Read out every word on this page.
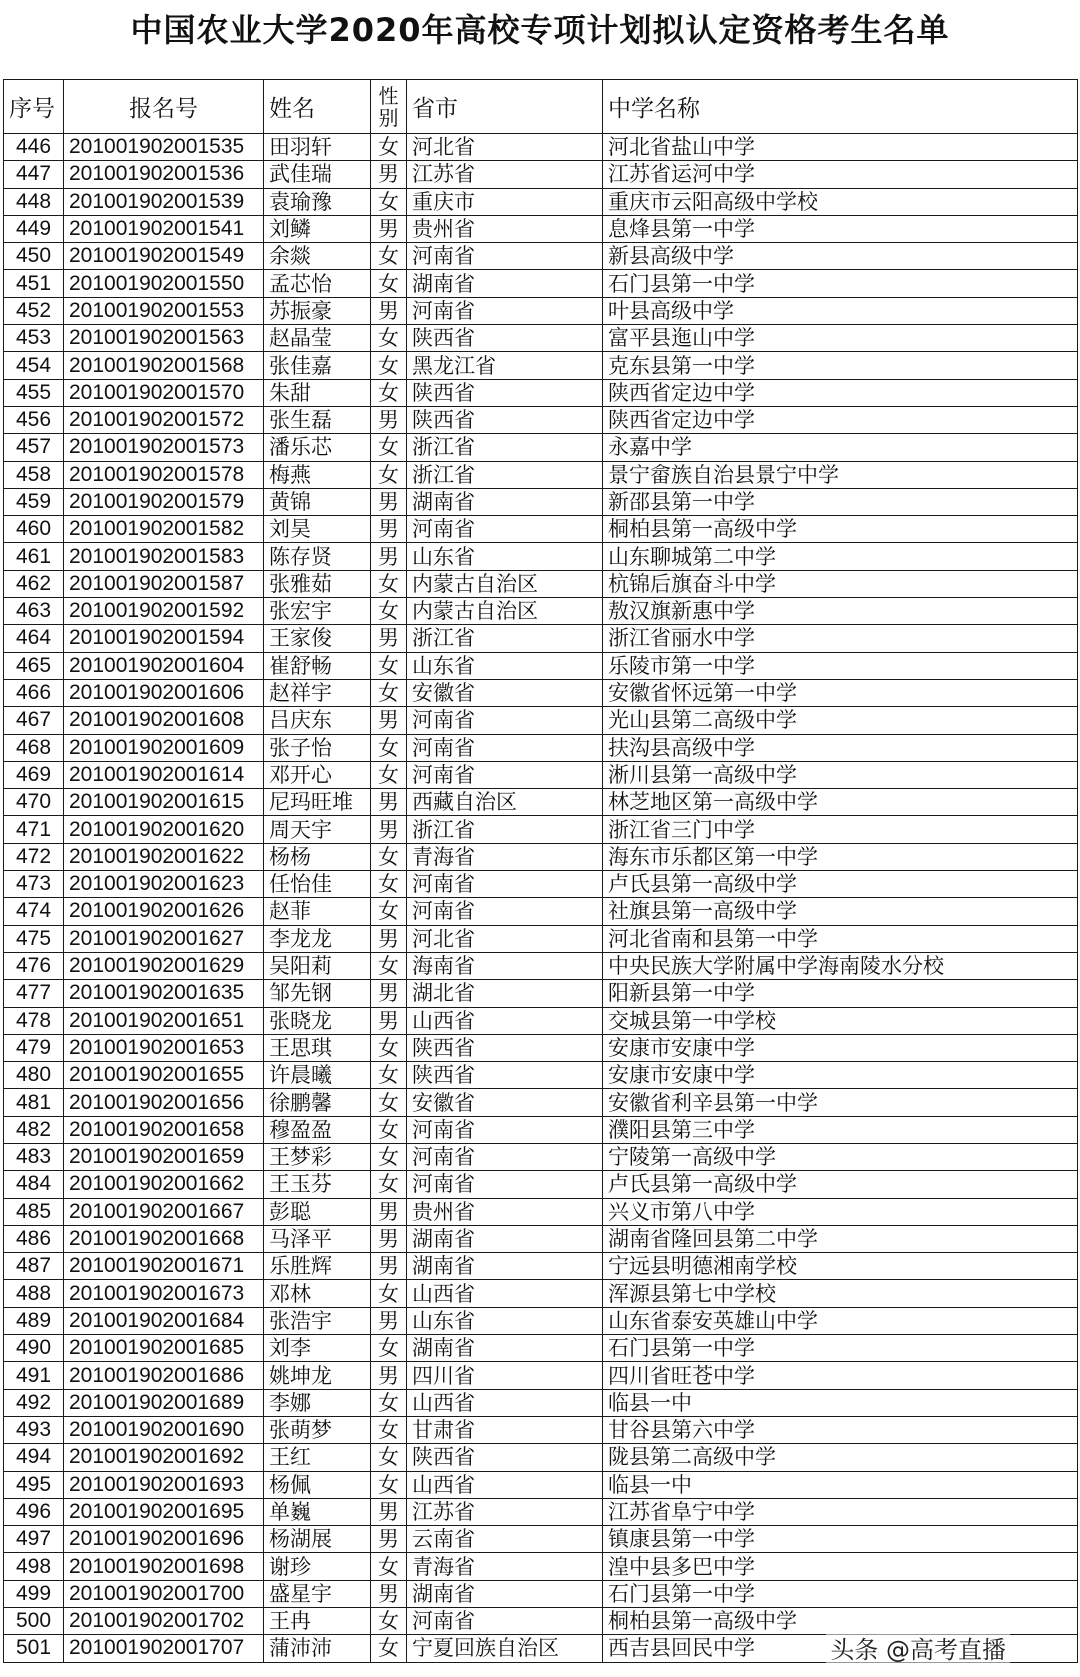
中国农业大学2020年高校专项计划拟认定资格考生名单
序号	报名号	姓名	性别	省市	中学名称
446	201001902001535	田羽轩	女	河北省	河北省盐山中学
447	201001902001536	武佳瑞	男	江苏省	江苏省运河中学
448	201001902001539	袁瑜豫	女	重庆市	重庆市云阳高级中学校
449	201001902001541	刘鳞	男	贵州省	息烽县第一中学
450	201001902001549	余燚	女	河南省	新县高级中学
451	201001902001550	孟芯怡	女	湖南省	石门县第一中学
452	201001902001553	苏振豪	男	河南省	叶县高级中学
453	201001902001563	赵晶莹	女	陕西省	富平县迤山中学
454	201001902001568	张佳嘉	女	黑龙江省	克东县第一中学
455	201001902001570	朱甜	女	陕西省	陕西省定边中学
456	201001902001572	张生磊	男	陕西省	陕西省定边中学
457	201001902001573	潘乐芯	女	浙江省	永嘉中学
458	201001902001578	梅燕	女	浙江省	景宁畲族自治县景宁中学
459	201001902001579	黄锦	男	湖南省	新邵县第一中学
460	201001902001582	刘昊	男	河南省	桐柏县第一高级中学
461	201001902001583	陈存贤	男	山东省	山东聊城第二中学
462	201001902001587	张雅茹	女	内蒙古自治区	杭锦后旗奋斗中学
463	201001902001592	张宏宇	女	内蒙古自治区	敖汉旗新惠中学
464	201001902001594	王家俊	男	浙江省	浙江省丽水中学
465	201001902001604	崔舒畅	女	山东省	乐陵市第一中学
466	201001902001606	赵祥宇	女	安徽省	安徽省怀远第一中学
467	201001902001608	吕庆东	男	河南省	光山县第二高级中学
468	201001902001609	张子怡	女	河南省	扶沟县高级中学
469	201001902001614	邓开心	女	河南省	淅川县第一高级中学
470	201001902001615	尼玛旺堆	男	西藏自治区	林芝地区第一高级中学
471	201001902001620	周天宇	男	浙江省	浙江省三门中学
472	201001902001622	杨杨	女	青海省	海东市乐都区第一中学
473	201001902001623	任怡佳	女	河南省	卢氏县第一高级中学
474	201001902001626	赵菲	女	河南省	社旗县第一高级中学
475	201001902001627	李龙龙	男	河北省	河北省南和县第一中学
476	201001902001629	吴阳莉	女	海南省	中央民族大学附属中学海南陵水分校
477	201001902001635	邹先钢	男	湖北省	阳新县第一中学
478	201001902001651	张晓龙	男	山西省	交城县第一中学校
479	201001902001653	王思琪	女	陕西省	安康市安康中学
480	201001902001655	许晨曦	女	陕西省	安康市安康中学
481	201001902001656	徐鹏馨	女	安徽省	安徽省利辛县第一中学
482	201001902001658	穆盈盈	女	河南省	濮阳县第三中学
483	201001902001659	王梦彩	女	河南省	宁陵第一高级中学
484	201001902001662	王玉芬	女	河南省	卢氏县第一高级中学
485	201001902001667	彭聪	男	贵州省	兴义市第八中学
486	201001902001668	马泽平	男	湖南省	湖南省隆回县第二中学
487	201001902001671	乐胜辉	男	湖南省	宁远县明德湘南学校
488	201001902001673	邓林	女	山西省	浑源县第七中学校
489	201001902001684	张浩宇	男	山东省	山东省泰安英雄山中学
490	201001902001685	刘李	女	湖南省	石门县第一中学
491	201001902001686	姚坤龙	男	四川省	四川省旺苍中学
492	201001902001689	李娜	女	山西省	临县一中
493	201001902001690	张萌梦	女	甘肃省	甘谷县第六中学
494	201001902001692	王红	女	陕西省	陇县第二高级中学
495	201001902001693	杨佩	女	山西省	临县一中
496	201001902001695	单巍	男	江苏省	江苏省阜宁中学
497	201001902001696	杨湖展	男	云南省	镇康县第一中学
498	201001902001698	谢珍	女	青海省	湟中县多巴中学
499	201001902001700	盛星宇	男	湖南省	石门县第一中学
500	201001902001702	王冉	女	河南省	桐柏县第一高级中学
501	201001902001707	蒲沛沛	女	宁夏回族自治区	西吉县回民中学	头条 @高考直播
